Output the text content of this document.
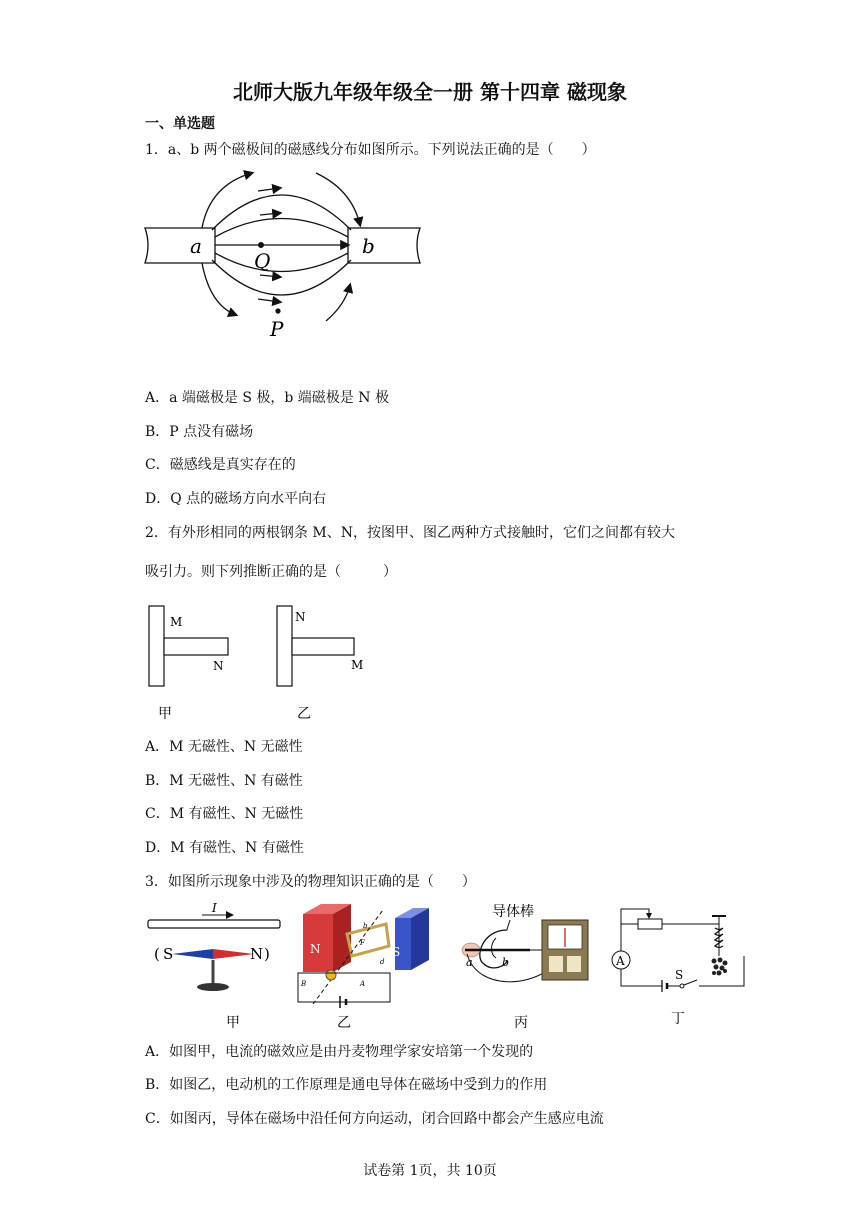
北师大版九年级年级全一册 第十四章 磁现象
一、单选题
1．a、b 两个磁极间的磁感线分布如图所示。下列说法正确的是（　　）
a	b
Q
P
A．a 端磁极是 S 极，b 端磁极是 N 极
B．P 点没有磁场
C．磁感线是真实存在的
D．Q 点的磁场方向水平向右
2．有外形相同的两根钢条 M、N，按图甲、图乙两种方式接触时，它们之间都有较大
吸引力。则下列推断正确的是（　　　）
M
N
甲
N
M
乙
A．M 无磁性、N 无磁性
B．M 无磁性、N 有磁性
C．M 有磁性、N 无磁性
D．M 有磁性、N 有磁性
3．如图所示现象中涉及的物理知识正确的是（　　）
I
( S	N )
甲
N	S
F
b
d
A
B
乙
导体棒
a	b
丙
A
S
丁
A．如图甲，电流的磁效应是由丹麦物理学家安培第一个发现的
B．如图乙，电动机的工作原理是通电导体在磁场中受到力的作用
C．如图丙，导体在磁场中沿任何方向运动，闭合回路中都会产生感应电流
试卷第 1页，共 10页
